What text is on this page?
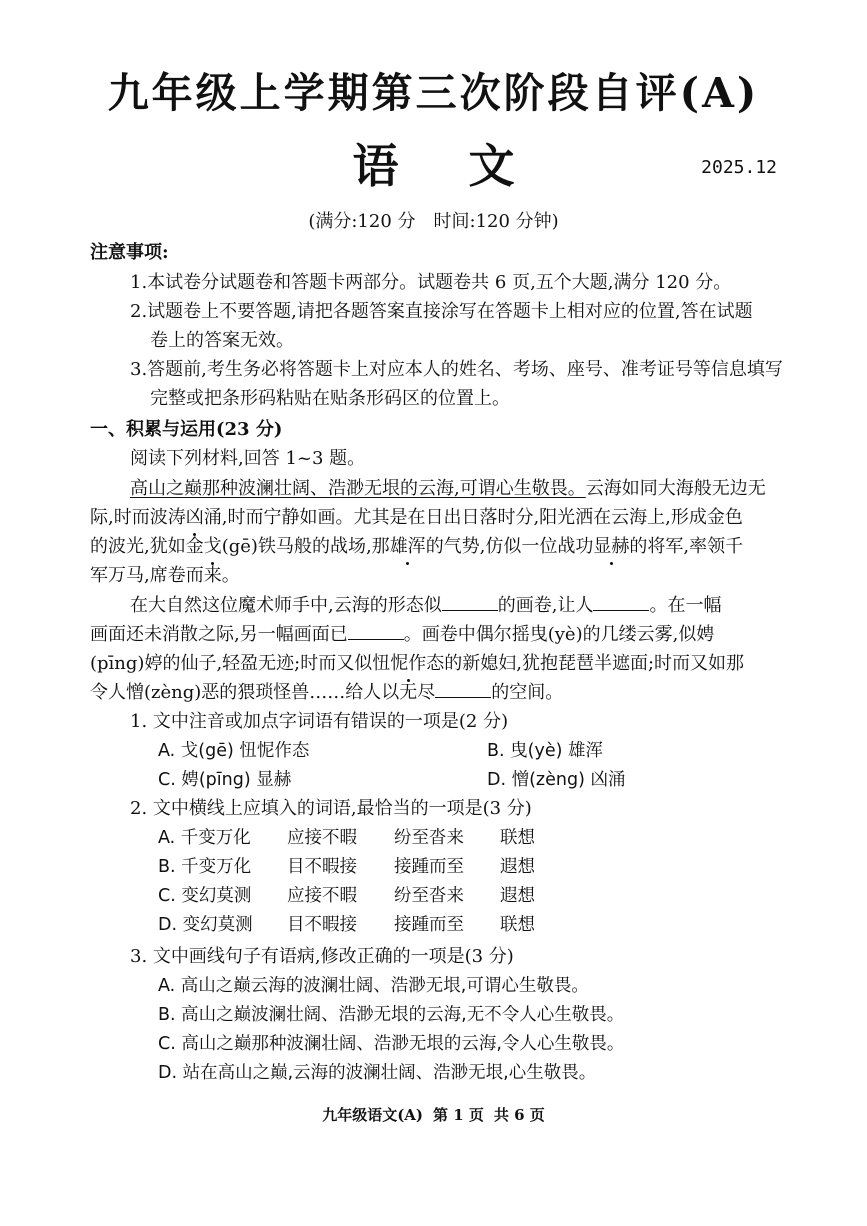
九年级上学期第三次阶段自评(A)
语 文	2025.12
(满分:120 分 时间:120 分钟)
注意事项:
1.本试卷分试题卷和答题卡两部分。试题卷共 6 页,五个大题,满分 120 分。
2.试题卷上不要答题,请把各题答案直接涂写在答题卡上相对应的位置,答在试题
卷上的答案无效。
3.答题前,考生务必将答题卡上对应本人的姓名、考场、座号、准考证号等信息填写
完整或把条形码粘贴在贴条形码区的位置上。
一、积累与运用(23 分)
阅读下列材料,回答 1~3 题。
高山之巅那种波澜壮阔、浩渺无垠的云海,可谓心生敬畏。云海如同大海般无边无
际,时而波涛凶涌,时而宁静如画。尤其是在日出日落时分,阳光洒在云海上,形成金色
的波光,犹如金戈(gē)铁马般的战场,那雄浑的气势,仿似一位战功显赫的将军,率领千
军万马,席卷而来。
在大自然这位魔术师手中,云海的形态似	的画卷,让人	。在一幅
画面还未消散之际,另一幅画面已	。画卷中偶尔摇曳(yè)的几缕云雾,似娉
(pīng)婷的仙子,轻盈无迹;时而又似忸怩作态的新媳妇,犹抱琵琶半遮面;时而又如那
令人憎(zèng)恶的猥琐怪兽……给人以无尽	的空间。
1. 文中注音或加点字词语有错误的一项是(2 分)
A. 戈(gē) 忸怩作态	B. 曳(yè) 雄浑
C. 娉(pīng) 显赫	D. 憎(zèng) 凶涌
2. 文中横线上应填入的词语,最恰当的一项是(3 分)
A. 千变万化 应接不暇 纷至沓来 联想
B. 千变万化 目不暇接 接踵而至 遐想
C. 变幻莫测 应接不暇 纷至沓来 遐想
D. 变幻莫测 目不暇接 接踵而至 联想
3. 文中画线句子有语病,修改正确的一项是(3 分)
A. 高山之巅云海的波澜壮阔、浩渺无垠,可谓心生敬畏。
B. 高山之巅波澜壮阔、浩渺无垠的云海,无不令人心生敬畏。
C. 高山之巅那种波澜壮阔、浩渺无垠的云海,令人心生敬畏。
D. 站在高山之巅,云海的波澜壮阔、浩渺无垠,心生敬畏。
九年级语文(A) 第 1 页 共 6 页
